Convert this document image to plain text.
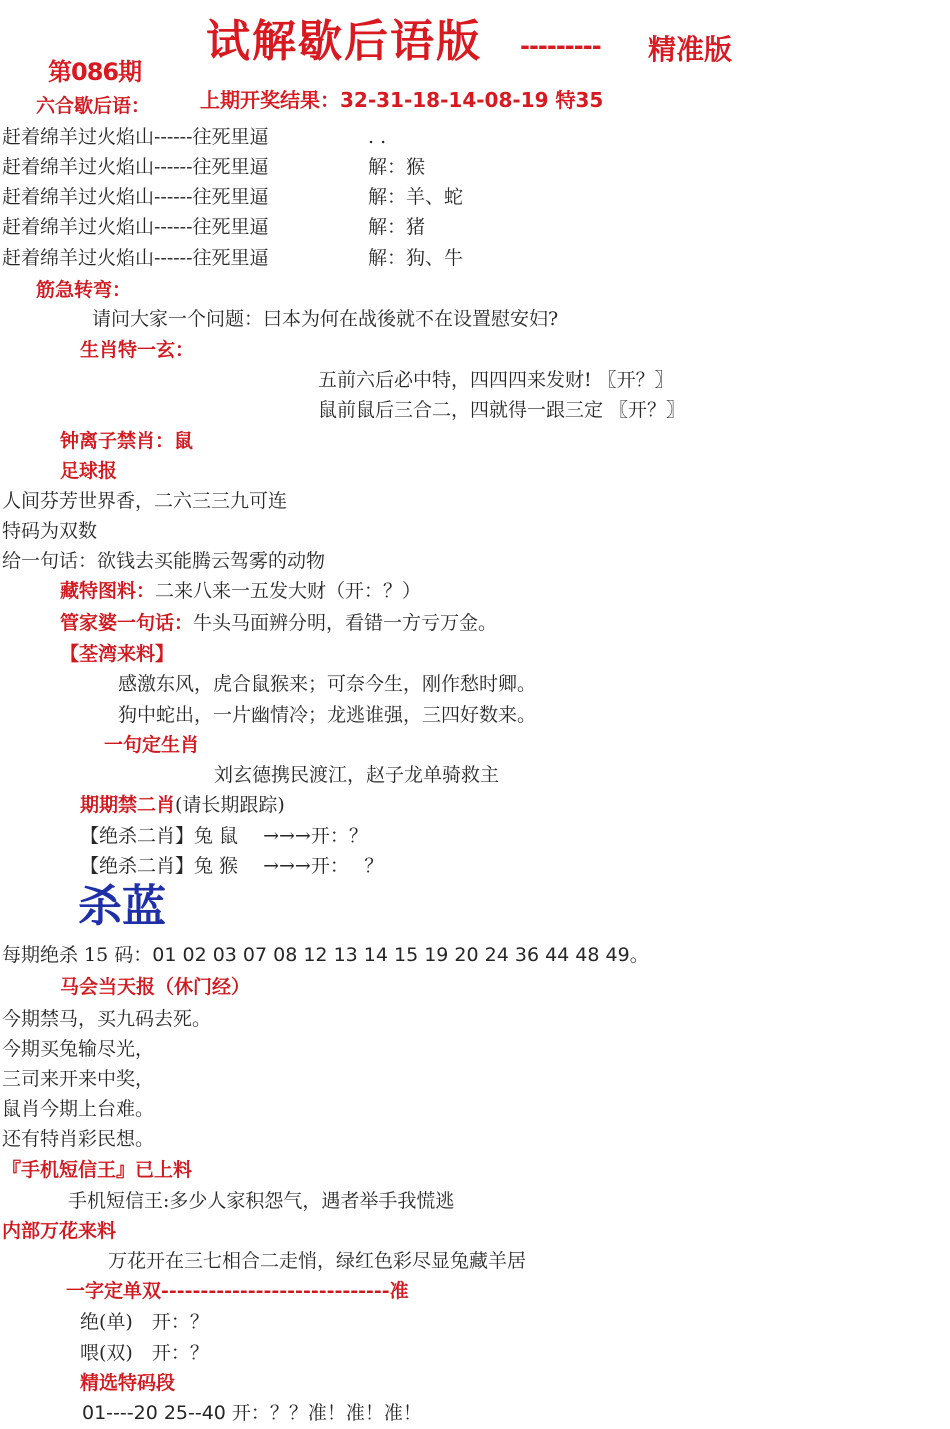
试解歇后语版 --------- 精准版
第086期
上期开奖结果：32-31-18-14-08-19 特35
六合歇后语：
赶着绵羊过火焰山------往死里逼	. .
赶着绵羊过火焰山------往死里逼	解：猴
赶着绵羊过火焰山------往死里逼	解：羊、蛇
赶着绵羊过火焰山------往死里逼	解：猪
赶着绵羊过火焰山------往死里逼	解：狗、牛
筋急转弯：
请问大家一个问题：曰本为何在战後就不在设置慰安妇?
生肖特一玄：
五前六后必中特，四四四来发财! 〖开？〗
鼠前鼠后三合二，四就得一跟三定 〖开？〗
钟离子禁肖：鼠
足球报
人间芬芳世界香，二六三三九可连
特码为双数
给一句话：欲钱去买能腾云驾雾的动物
藏特图料：二来八来一五发大财（开：？）
管家婆一句话：牛头马面辨分明，看错一方亏万金。
【荃湾来料】
感激东风，虎合鼠猴来；可奈今生，刚作愁时卿。
狗中蛇出，一片幽情冷；龙逃谁强，三四好数来。
一句定生肖
刘玄德携民渡江，赵子龙单骑救主
期期禁二肖(请长期跟踪)
【绝杀二肖】兔 鼠　 →→→开：？
【绝杀二肖】兔 猴　 →→→开：　 ？
杀蓝
每期绝杀 15 码：01 02 03 07 08 12 13 14 15 19 20 24 36 44 48 49。
马会当天报（休门经）
今期禁马，买九码去死。
今期买兔输尽光，
三司来开来中奖，
鼠肖今期上台难。
还有特肖彩民想。
『手机短信王』已上料
手机短信王:多少人家积怨气，遇者举手我慌逃
内部万花来料
万花开在三七相合二走悄，绿红色彩尽显兔藏羊居
一字定单双-----------------------------准
绝(单)　开：？
喂(双)　开：？
精选特码段
01----20 25--40 开：？？准！准！准！
